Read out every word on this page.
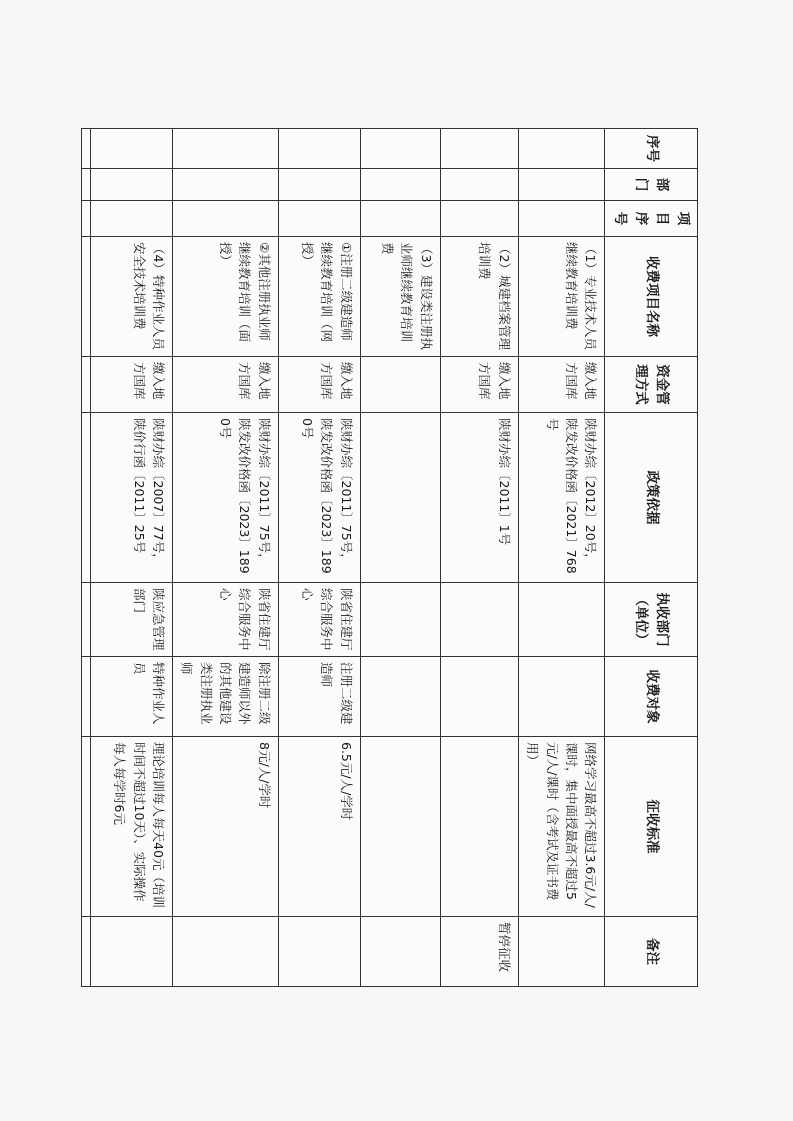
序号	部门	项目序号	收费项目名称	资金管理方式	政策依据	执收部门（单位）	收费对象	征收标准	备注
			（1）专业技术人员继续教育培训费	缴入地方国库	陕财办综〔2012〕20号，陕发改价格函〔2021〕768号			网络学习最高不超过3.6元/人/课时，集中面授最高不超过5元/人/课时（含考试及证书费用）	
			（2）城建档案管理培训费	缴入地方国库	陕财办综〔2011〕1号				暂停征收
			（3）建设类注册执业师继续教育培训费						
			①注册二级建造师继续教育培训（网授）	缴入地方国库	陕财办综〔2011〕75号，陕发改价格函〔2023〕1890号	陕省住建厅综合服务中心	注册二级建造师	6.5元/人/学时	
			②其他注册执业师继续教育培训（面授）	缴入地方国库	陕财办综〔2011〕75号，陕发改价格函〔2023〕1890号	陕省住建厅综合服务中心	除注册二级建造师以外的其他建设类注册执业师	8元/人/学时	
			（4）特种作业人员安全技术培训费	缴入地方国库	陕财办综〔2007〕77号，陕价行函〔2011〕25号	陕应急管理部门	特种作业人员	理论培训每人每天40元（培训时间不超过10天）、实际操作每人每学时6元	
